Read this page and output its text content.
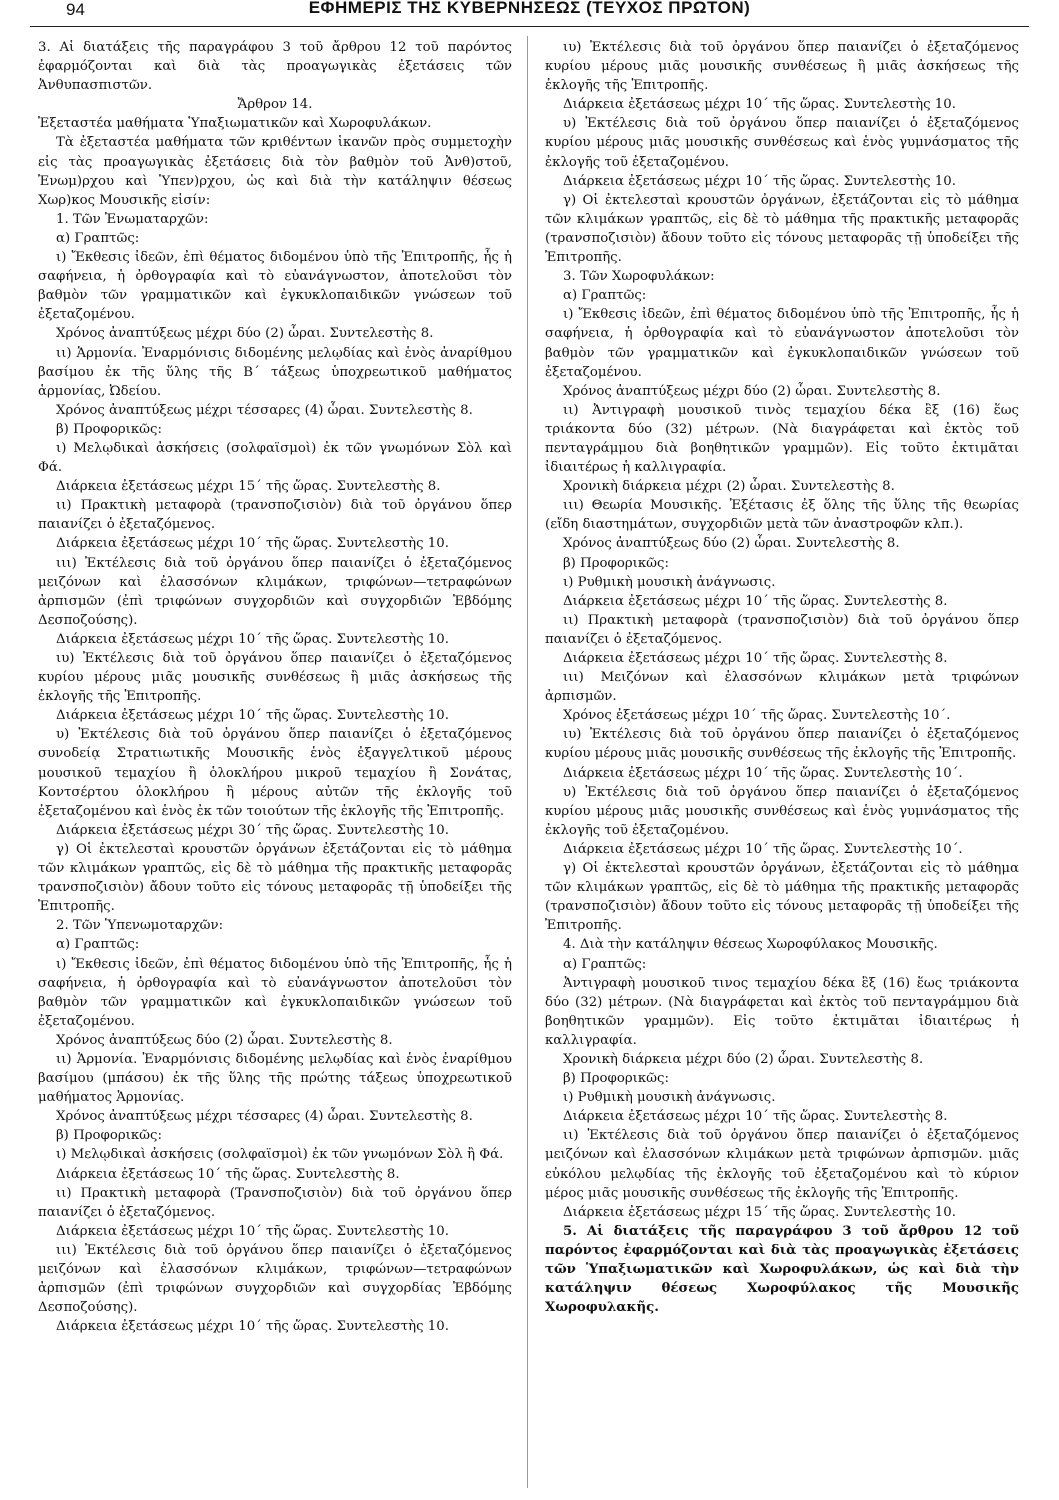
94	ΕΦΗΜΕΡΙΣ ΤΗΣ ΚΥΒΕΡΝΗΣΕΩΣ (ΤΕΥΧΟΣ ΠΡΩΤΟΝ)

3. Αἱ διατάξεις τῆς παραγράφου 3 τοῦ ἄρθρου 12 τοῦ παρόντος ἐφαρμόζονται καὶ διὰ τὰς προαγωγικὰς ἐξετάσεις τῶν Ἀνθυπασπιστῶν.

Ἄρθρον 14.

Ἐξεταστέα μαθήματα Ὑπαξιωματικῶν καὶ Χωροφυλάκων.

Τὰ ἐξεταστέα μαθήματα τῶν κριθέντων ἱκανῶν πρὸς συμμετοχὴν εἰς τὰς προαγωγικὰς ἐξετάσεις διὰ τὸν βαθμὸν τοῦ Ἀνθ)στοῦ, Ἐνωμ)ρχου καὶ Ὑπεν)ρχου, ὡς καὶ διὰ τὴν κατάληψιν θέσεως Χωρ)κος Μουσικῆς εἰσίν:

1. Τῶν Ἐνωματαρχῶν:

α) Γραπτῶς:

ι) Ἔκθεσις ἰδεῶν, ἐπὶ θέματος διδομένου ὑπὸ τῆς Ἐπιτροπῆς, ἧς ἡ σαφήνεια, ἡ ὀρθογραφία καὶ τὸ εὐανάγνωστον, ἀποτελοῦσι τὸν βαθμὸν τῶν γραμματικῶν καὶ ἐγκυκλοπαιδικῶν γνώσεων τοῦ ἐξεταζομένου.

Χρόνος ἀναπτύξεως μέχρι δύο (2) ὧραι. Συντελεστὴς 8.

ιι) Ἁρμονία. Ἐναρμόνισις διδομένης μελῳδίας καὶ ἑνὸς ἀναρίθμου βασίμου ἐκ τῆς ὕλης τῆς Β΄ τάξεως ὑποχρεωτικοῦ μαθήματος ἁρμονίας, Ὠδείου.

Χρόνος ἀναπτύξεως μέχρι τέσσαρες (4) ὧραι. Συντελεστὴς 8.

β) Προφορικῶς:

ι) Μελῳδικαὶ ἀσκήσεις (σολφαϊσμοὶ) ἐκ τῶν γνωμόνων Σὸλ καὶ Φά.

Διάρκεια ἐξετάσεως μέχρι 15΄ τῆς ὥρας. Συντελεστὴς 8.

ιι) Πρακτικὴ μεταφορὰ (τρανσποζισιὸν) διὰ τοῦ ὀργάνου ὅπερ παιανίζει ὁ ἐξεταζόμενος.

Διάρκεια ἐξετάσεως μέχρι 10΄ τῆς ὥρας. Συντελεστὴς 10.

ιιι) Ἐκτέλεσις διὰ τοῦ ὀργάνου ὅπερ παιανίζει ὁ ἐξεταζόμενος μειζόνων καὶ ἐλασσόνων κλιμάκων, τριφώνων—τετραφώνων ἀρπισμῶν (ἐπὶ τριφώνων συγχορδιῶν καὶ συγχορδιῶν Ἑβδόμης Δεσποζούσης).

Διάρκεια ἐξετάσεως μέχρι 10΄ τῆς ὥρας. Συντελεστὴς 10.

ιυ) Ἐκτέλεσις διὰ τοῦ ὀργάνου ὅπερ παιανίζει ὁ ἐξεταζόμενος κυρίου μέρους μιᾶς μουσικῆς συνθέσεως ἢ μιᾶς ἀσκήσεως τῆς ἐκλογῆς τῆς Ἐπιτροπῆς.

Διάρκεια ἐξετάσεως μέχρι 10΄ τῆς ὥρας. Συντελεστὴς 10.

υ) Ἐκτέλεσις διὰ τοῦ ὀργάνου ὅπερ παιανίζει ὁ ἐξεταζόμενος συνοδείᾳ Στρατιωτικῆς Μουσικῆς ἑνὸς ἐξαγγελτικοῦ μέρους μουσικοῦ τεμαχίου ἢ ὁλοκλήρου μικροῦ τεμαχίου ἢ Σονάτας, Κοντσέρτου ὁλοκλήρου ἢ μέρους αὐτῶν τῆς ἐκλογῆς τοῦ ἐξεταζομένου καὶ ἑνὸς ἐκ τῶν τοιούτων τῆς ἐκλογῆς τῆς Ἐπιτροπῆς.

Διάρκεια ἐξετάσεως μέχρι 30΄ τῆς ὥρας. Συντελεστὴς 10.

γ) Οἱ ἐκτελεσταὶ κρουστῶν ὀργάνων ἐξετάζονται εἰς τὸ μάθημα τῶν κλιμάκων γραπτῶς, εἰς δὲ τὸ μάθημα τῆς πρακτικῆς μεταφορᾶς τρανσποζισιὸν) ἄδουν τοῦτο εἰς τόνους μεταφορᾶς τῇ ὑποδείξει τῆς Ἐπιτροπῆς.

2. Τῶν Ὑπενωμοταρχῶν:

α) Γραπτῶς:

ι) Ἔκθεσις ἰδεῶν, ἐπὶ θέματος διδομένου ὑπὸ τῆς Ἐπιτροπῆς, ἧς ἡ σαφήνεια, ἡ ὀρθογραφία καὶ τὸ εὐανάγνωστον ἀποτελοῦσι τὸν βαθμὸν τῶν γραμματικῶν καὶ ἐγκυκλοπαιδικῶν γνώσεων τοῦ ἐξεταζομένου.

Χρόνος ἀναπτύξεως δύο (2) ὧραι. Συντελεστὴς 8.

ιι) Ἁρμονία. Ἐναρμόνισις διδομένης μελῳδίας καὶ ἑνὸς ἐναρίθμου βασίμου (μπάσου) ἐκ τῆς ὕλης τῆς πρώτης τάξεως ὑποχρεωτικοῦ μαθήματος Ἁρμονίας.

Χρόνος ἀναπτύξεως μέχρι τέσσαρες (4) ὧραι. Συντελεστὴς 8.

β) Προφορικῶς:

ι) Μελῳδικαὶ ἀσκήσεις (σολφαϊσμοὶ) ἐκ τῶν γνωμόνων Σὸλ ἢ Φά.

Διάρκεια ἐξετάσεως 10΄ τῆς ὥρας. Συντελεστὴς 8.

ιι) Πρακτικὴ μεταφορὰ (Τρανσποζισιὸν) διὰ τοῦ ὀργάνου ὅπερ παιανίζει ὁ ἐξεταζόμενος.

Διάρκεια ἐξετάσεως μέχρι 10΄ τῆς ὥρας. Συντελεστὴς 10.

ιιι) Ἐκτέλεσις διὰ τοῦ ὀργάνου ὅπερ παιανίζει ὁ ἐξεταζόμενος μειζόνων καὶ ἐλασσόνων κλιμάκων, τριφώνων—τετραφώνων ἀρπισμῶν (ἐπὶ τριφώνων συγχορδιῶν καὶ συγχορδίας Ἑβδόμης Δεσποζούσης).

Διάρκεια ἐξετάσεως μέχρι 10΄ τῆς ὥρας. Συντελεστὴς 10.

ιυ) Ἐκτέλεσις διὰ τοῦ ὀργάνου ὅπερ παιανίζει ὁ ἐξεταζόμενος κυρίου μέρους μιᾶς μουσικῆς συνθέσεως ἢ μιᾶς ἀσκήσεως τῆς ἐκλογῆς τῆς Ἐπιτροπῆς.

Διάρκεια ἐξετάσεως μέχρι 10΄ τῆς ὥρας. Συντελεστὴς 10.

υ) Ἐκτέλεσις διὰ τοῦ ὀργάνου ὅπερ παιανίζει ὁ ἐξεταζόμενος κυρίου μέρους μιᾶς μουσικῆς συνθέσεως καὶ ἑνὸς γυμνάσματος τῆς ἐκλογῆς τοῦ ἐξεταζομένου.

Διάρκεια ἐξετάσεως μέχρι 10΄ τῆς ὥρας. Συντελεστὴς 10.

γ) Οἱ ἐκτελεσταὶ κρουστῶν ὀργάνων, ἐξετάζονται εἰς τὸ μάθημα τῶν κλιμάκων γραπτῶς, εἰς δὲ τὸ μάθημα τῆς πρακτικῆς μεταφορᾶς (τρανσποζισιὸν) ἄδουν τοῦτο εἰς τόνους μεταφορᾶς τῇ ὑποδείξει τῆς Ἐπιτροπῆς.

3. Τῶν Χωροφυλάκων:

α) Γραπτῶς:

ι) Ἔκθεσις ἰδεῶν, ἐπὶ θέματος διδομένου ὑπὸ τῆς Ἐπιτροπῆς, ἧς ἡ σαφήνεια, ἡ ὀρθογραφία καὶ τὸ εὐανάγνωστον ἀποτελοῦσι τὸν βαθμὸν τῶν γραμματικῶν καὶ ἐγκυκλοπαιδικῶν γνώσεων τοῦ ἐξεταζομένου.

Χρόνος ἀναπτύξεως μέχρι δύο (2) ὧραι. Συντελεστὴς 8.

ιι) Ἀντιγραφὴ μουσικοῦ τινὸς τεμαχίου δέκα ἓξ (16) ἕως τριάκοντα δύο (32) μέτρων. (Νὰ διαγράφεται καὶ ἐκτὸς τοῦ πενταγράμμου διὰ βοηθητικῶν γραμμῶν). Εἰς τοῦτο ἐκτιμᾶται ἰδιαιτέρως ἡ καλλιγραφία.

Χρονικὴ διάρκεια μέχρι (2) ὧραι. Συντελεστὴς 8.

ιιι) Θεωρία Μουσικῆς. Ἐξέτασις ἐξ ὅλης τῆς ὕλης τῆς θεωρίας (εἴδη διαστημάτων, συγχορδιῶν μετὰ τῶν ἀναστροφῶν κλπ.).

Χρόνος ἀναπτύξεως δύο (2) ὧραι. Συντελεστὴς 8.

β) Προφορικῶς:

ι) Ρυθμικὴ μουσικὴ ἀνάγνωσις.

Διάρκεια ἐξετάσεως μέχρι 10΄ τῆς ὥρας. Συντελεστὴς 8.

ιι) Πρακτικὴ μεταφορὰ (τρανσποζισιὸν) διὰ τοῦ ὀργάνου ὅπερ παιανίζει ὁ ἐξεταζόμενος.

Διάρκεια ἐξετάσεως μέχρι 10΄ τῆς ὥρας. Συντελεστὴς 8.

ιιι) Μειζόνων καὶ ἐλασσόνων κλιμάκων μετὰ τριφώνων ἀρπισμῶν.

Χρόνος ἐξετάσεως μέχρι 10΄ τῆς ὥρας. Συντελεστὴς 10΄.

ιυ) Ἐκτέλεσις διὰ τοῦ ὀργάνου ὅπερ παιανίζει ὁ ἐξεταζόμενος κυρίου μέρους μιᾶς μουσικῆς συνθέσεως τῆς ἐκλογῆς τῆς Ἐπιτροπῆς.

Διάρκεια ἐξετάσεως μέχρι 10΄ τῆς ὥρας. Συντελεστὴς 10΄.

υ) Ἐκτέλεσις διὰ τοῦ ὀργάνου ὅπερ παιανίζει ὁ ἐξεταζόμενος κυρίου μέρους μιᾶς μουσικῆς συνθέσεως καὶ ἑνὸς γυμνάσματος τῆς ἐκλογῆς τοῦ ἐξεταζομένου.

Διάρκεια ἐξετάσεως μέχρι 10΄ τῆς ὥρας. Συντελεστὴς 10΄.

γ) Οἱ ἐκτελεσταὶ κρουστῶν ὀργάνων, ἐξετάζονται εἰς τὸ μάθημα τῶν κλιμάκων γραπτῶς, εἰς δὲ τὸ μάθημα τῆς πρακτικῆς μεταφορᾶς (τρανσποζισιὸν) ἄδουν τοῦτο εἰς τόνους μεταφορᾶς τῇ ὑποδείξει τῆς Ἐπιτροπῆς.

4. Διὰ τὴν κατάληψιν θέσεως Χωροφύλακος Μουσικῆς.

α) Γραπτῶς:

Ἀντιγραφὴ μουσικοῦ τινος τεμαχίου δέκα ἓξ (16) ἕως τριάκοντα δύο (32) μέτρων. (Νὰ διαγράφεται καὶ ἐκτὸς τοῦ πενταγράμμου διὰ βοηθητικῶν γραμμῶν). Εἰς τοῦτο ἐκτιμᾶται ἰδιαιτέρως ἡ καλλιγραφία.

Χρονικὴ διάρκεια μέχρι δύο (2) ὧραι. Συντελεστὴς 8.

β) Προφορικῶς:

ι) Ρυθμικὴ μουσικὴ ἀνάγνωσις.

Διάρκεια ἐξετάσεως μέχρι 10΄ τῆς ὥρας. Συντελεστὴς 8.

ιι) Ἐκτέλεσις διὰ τοῦ ὀργάνου ὅπερ παιανίζει ὁ ἐξεταζόμενος μειζόνων καὶ ἐλασσόνων κλιμάκων μετὰ τριφώνων ἀρπισμῶν. μιᾶς εὐκόλου μελῳδίας τῆς ἐκλογῆς τοῦ ἐξεταζομένου καὶ τὸ κύριον μέρος μιᾶς μουσικῆς συνθέσεως τῆς ἐκλογῆς τῆς Ἐπιτροπῆς.

Διάρκεια ἐξετάσεως μέχρι 15΄ τῆς ὥρας. Συντελεστὴς 10.

5. Αἱ διατάξεις τῆς παραγράφου 3 τοῦ ἄρθρου 12 τοῦ παρόντος ἐφαρμόζονται καὶ διὰ τὰς προαγωγικὰς ἐξετάσεις τῶν Ὑπαξιωματικῶν καὶ Χωροφυλάκων, ὡς καὶ διὰ τὴν κατάληψιν θέσεως Χωροφύλακος τῆς Μουσικῆς Χωροφυλακῆς.
